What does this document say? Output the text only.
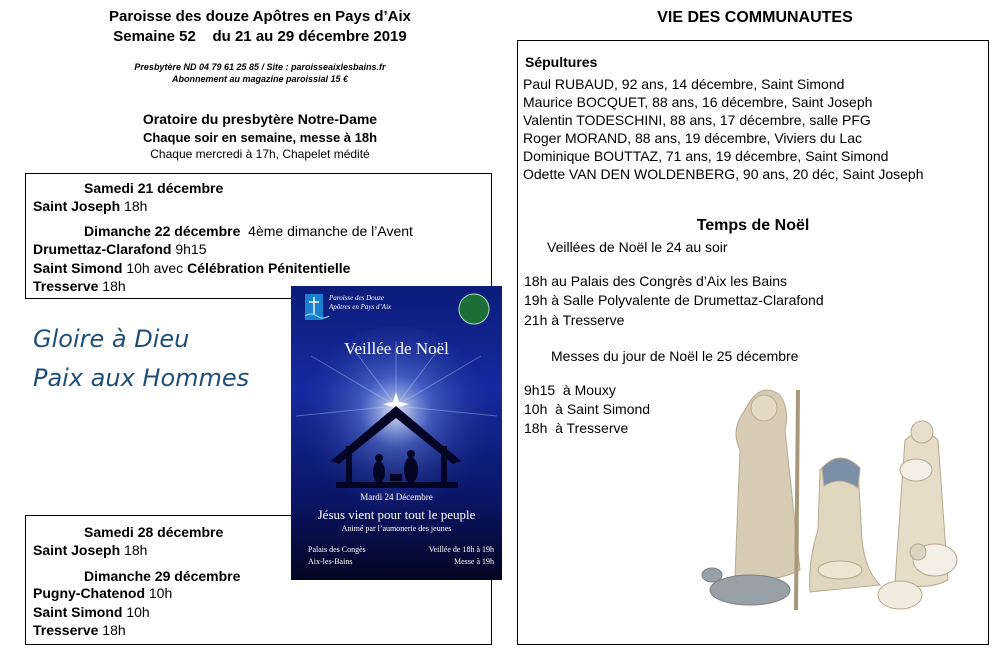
Paroisse des douze Apôtres en Pays d’Aix
Semaine 52    du 21 au 29 décembre 2019
Presbytère ND 04 79 61 25 85 / Site : paroisseaixlesbains.fr
Abonnement au magazine paroissial 15 €
Oratoire du presbytère Notre-Dame
Chaque soir en semaine, messe à 18h
Chaque mercredi à 17h, Chapelet médité
Samedi 21 décembre
Saint Joseph 18h
Dimanche 22 décembre  4ème dimanche de l’Avent
Drumettaz-Clarafond 9h15
Saint Simond 10h avec Célébration Pénitentielle
Tresserve 18h
Gloire à Dieu
Paix aux Hommes
Samedi 28 décembre
Saint Joseph 18h
Dimanche 29 décembre
Pugny-Chatenod 10h
Saint Simond 10h
Tresserve 18h
Paroisse des Douze
Apôtres en Pays d’Aix
Veillée de Noël
Mardi 24 Décembre
Jésus vient pour tout le peuple
Animé par l’aumonerie des jeunes
Palais des Congès
Aix-les-Bains
Veillée de 18h à 19h
Messe à 19h
VIE DES COMMUNAUTES
Sépultures
Paul RUBAUD, 92 ans, 14 décembre, Saint Simond
Maurice BOCQUET, 88 ans, 16 décembre, Saint Joseph
Valentin TODESCHINI, 88 ans, 17 décembre, salle PFG
Roger MORAND, 88 ans, 19 décembre, Viviers du Lac
Dominique BOUTTAZ, 71 ans, 19 décembre, Saint Simond
Odette VAN DEN WOLDENBERG, 90 ans, 20 déc, Saint Joseph
Temps de Noël
Veillées de Noël le 24 au soir
18h au Palais des Congrès d’Aix les Bains
19h à Salle Polyvalente de Drumettaz-Clarafond
21h à Tresserve
Messes du jour de Noël le 25 décembre
9h15  à Mouxy
10h  à Saint Simond
18h  à Tresserve
